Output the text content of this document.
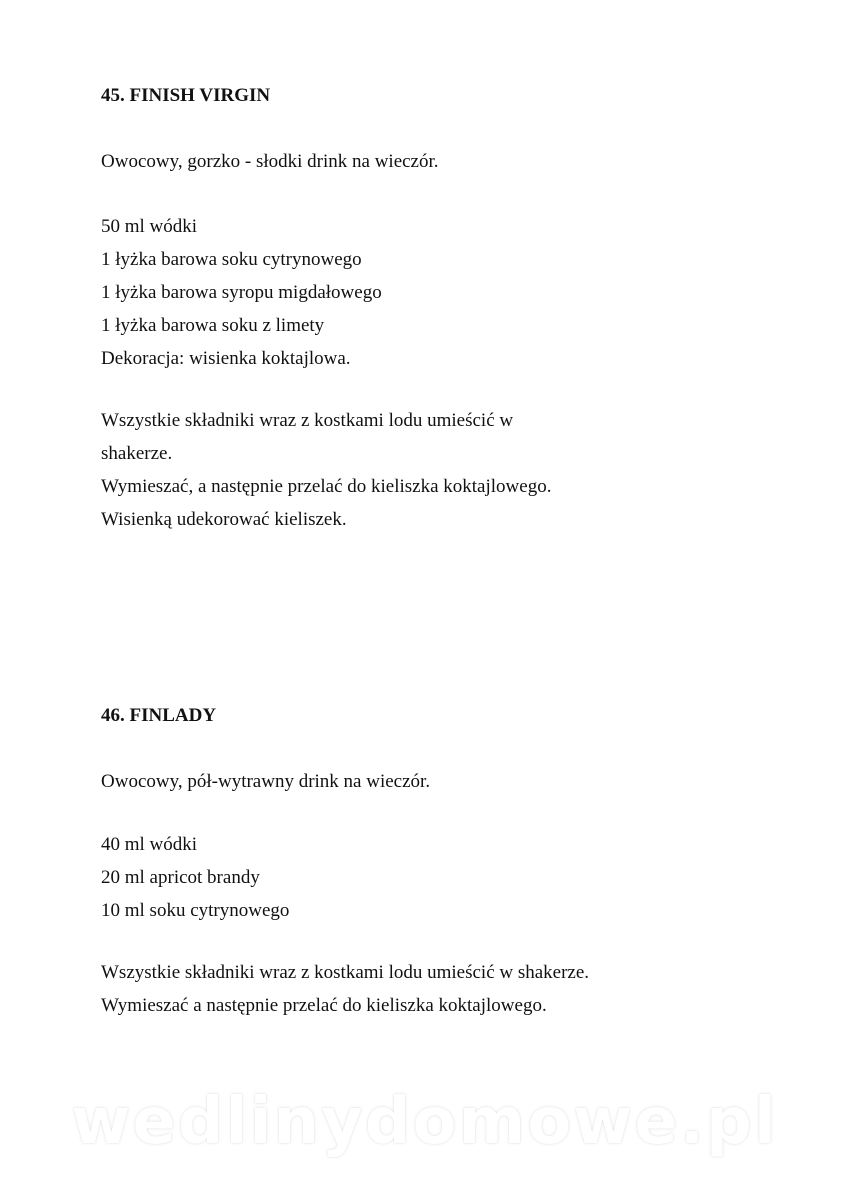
45. FINISH VIRGIN
Owocowy, gorzko - słodki drink na wieczór.
50 ml wódki
1 łyżka barowa soku cytrynowego
1 łyżka barowa syropu migdałowego
1 łyżka barowa soku z limety
Dekoracja: wisienka koktajlowa.
Wszystkie składniki wraz z kostkami lodu umieścić w
shakerze.
Wymieszać, a następnie przelać do kieliszka koktajlowego.
Wisienką udekorować kieliszek.
46. FINLADY
Owocowy, pół-wytrawny drink na wieczór.
40 ml wódki
20 ml apricot brandy
10 ml soku cytrynowego
Wszystkie składniki wraz z kostkami lodu umieścić w shakerze.
Wymieszać a następnie przelać do kieliszka koktajlowego.
wedlinydomowe.pl
